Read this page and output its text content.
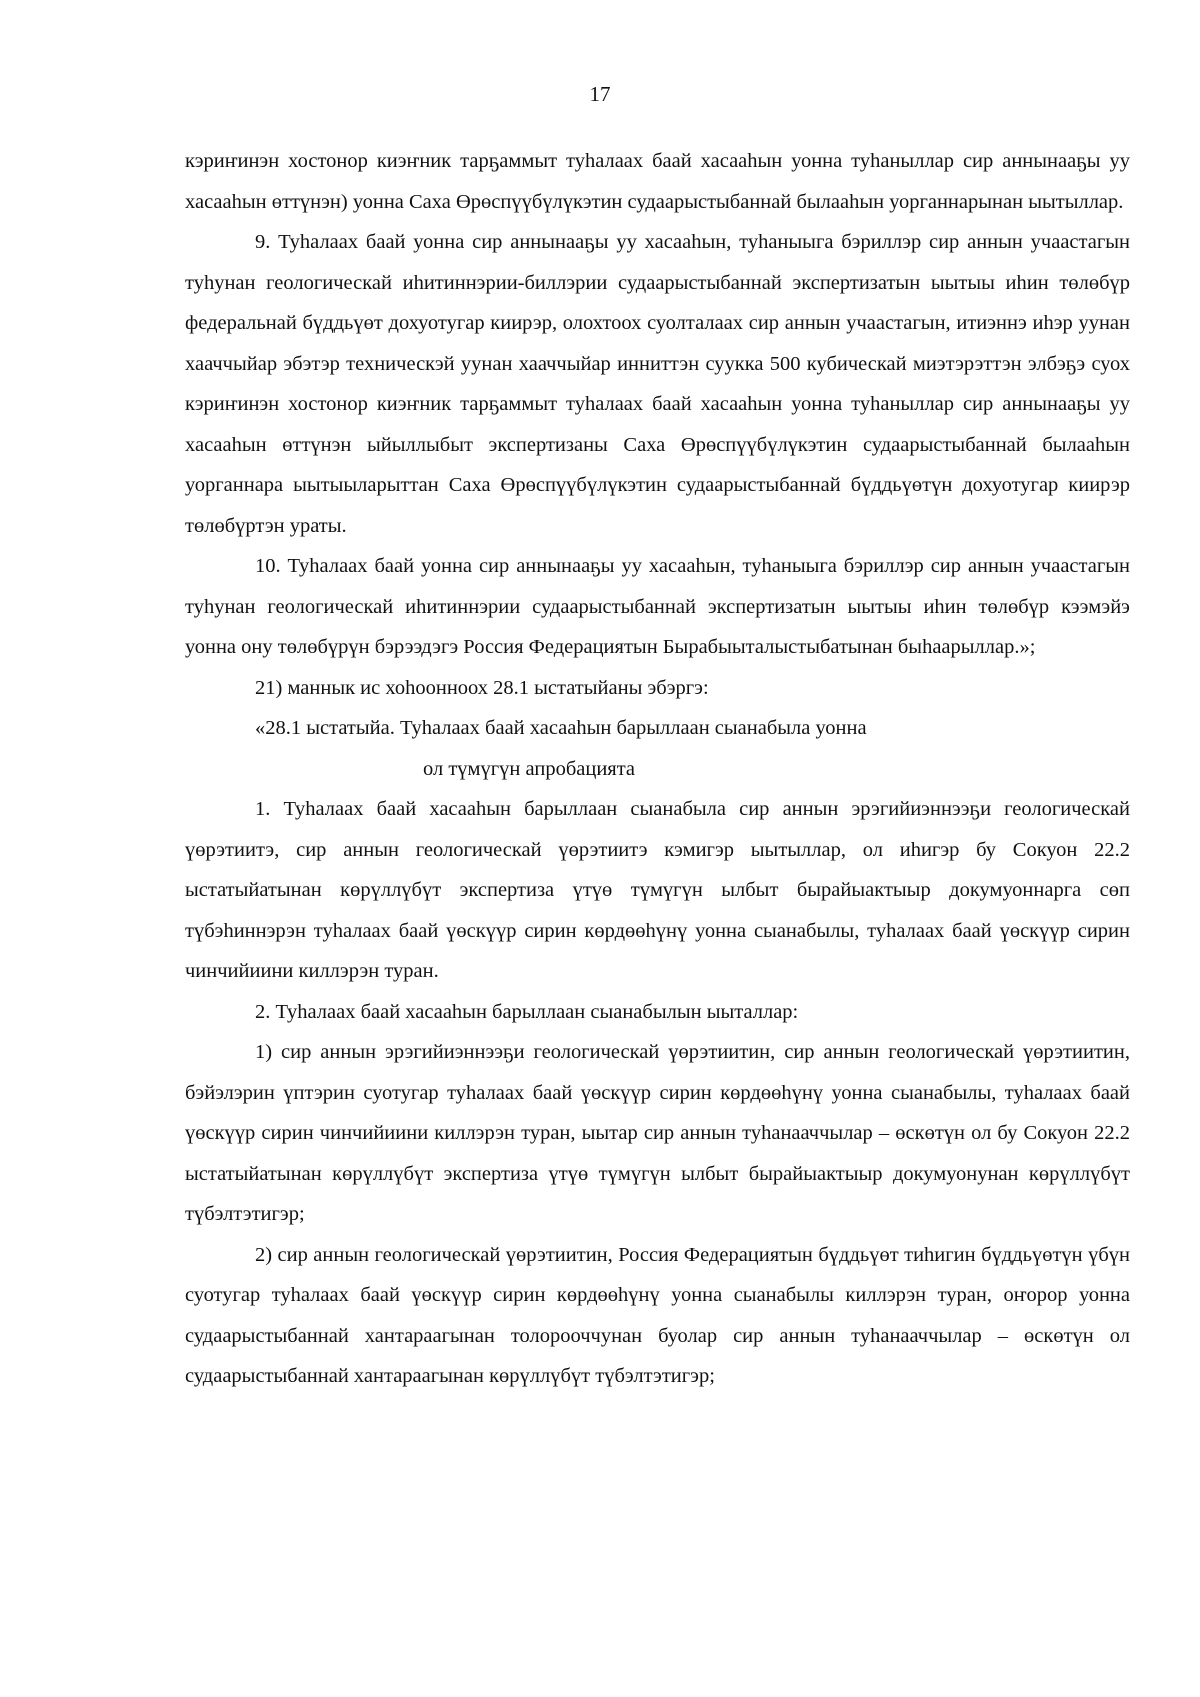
17

кэриҥинэн хостонор киэҥник тарҕаммыт туһалаах баай хасааһын уонна туһаныллар сир аннынааҕы уу хасааһын өттүнэн) уонна Саха Өрөспүүбүлүкэтин судаарыстыбаннай былааһын уорганнарынан ыытыллар.

9. Туһалаах баай уонна сир аннынааҕы уу хасааһын, туһаныыга бэриллэр сир аннын учаастагын туһунан геологическай иһитиннэрии-биллэрии судаарыстыбаннай экспертизатын ыытыы иһин төлөбүр федеральнай бүддьүөт дохуотугар киирэр, олохтоох суолталаах сир аннын учаастагын, итиэннэ иһэр уунан хааччыйар эбэтэр техническэй уунан хааччыйар инниттэн суукка 500 кубическай миэтэрэттэн элбэҕэ суох кэриҥинэн хостонор киэҥник тарҕаммыт туһалаах баай хасааһын уонна туһаныллар сир аннынааҕы уу хасааһын өттүнэн ыйыллыбыт экспертизаны Саха Өрөспүүбүлүкэтин судаарыстыбаннай былааһын уорганнара ыытыыларыттан Саха Өрөспүүбүлүкэтин судаарыстыбаннай бүддьүөтүн дохуотугар киирэр төлөбүртэн ураты.

10. Туһалаах баай уонна сир аннынааҕы уу хасааһын, туһаныыга бэриллэр сир аннын учаастагын туһунан геологическай иһитиннэрии судаарыстыбаннай экспертизатын ыытыы иһин төлөбүр кээмэйэ уонна ону төлөбүрүн бэрээдэгэ Россия Федерациятын Бырабыыталыстыбатынан быһаарыллар.»;

21) маннык ис хоһоонноох 28.1 ыстатыйаны эбэргэ:

«28.1 ыстатыйа. Туһалаах баай хасааһын барыллаан сыанабыла уонна

ол түмүгүн апробацията

1. Туһалаах баай хасааһын барыллаан сыанабыла сир аннын эрэгийиэннээҕи геологическай үөрэтиитэ, сир аннын геологическай үөрэтиитэ кэмигэр ыытыллар, ол иһигэр бу Сокуон 22.2 ыстатыйатынан көрүллүбүт экспертиза үтүө түмүгүн ылбыт бырайыактыыр докумуоннарга сөп түбэһиннэрэн туһалаах баай үөскүүр сирин көрдөөһүнү уонна сыанабылы, туһалаах баай үөскүүр сирин чинчийиини киллэрэн туран.

2. Туһалаах баай хасааһын барыллаан сыанабылын ыыталлар:

1) сир аннын эрэгийиэннээҕи геологическай үөрэтиитин, сир аннын геологическай үөрэтиитин, бэйэлэрин үптэрин суотугар туһалаах баай үөскүүр сирин көрдөөһүнү уонна сыанабылы, туһалаах баай үөскүүр сирин чинчийиини киллэрэн туран, ыытар сир аннын туһанааччылар – өскөтүн ол бу Сокуон 22.2 ыстатыйатынан көрүллүбүт экспертиза үтүө түмүгүн ылбыт бырайыактыыр докумуонунан көрүллүбүт түбэлтэтигэр;

2) сир аннын геологическай үөрэтиитин, Россия Федерациятын бүддьүөт тиһигин бүддьүөтүн үбүн суотугар туһалаах баай үөскүүр сирин көрдөөһүнү уонна сыанабылы киллэрэн туран, оҥорор уонна судаарыстыбаннай хантараагынан толорооччунан буолар сир аннын туһанааччылар – өскөтүн ол судаарыстыбаннай хантараагынан көрүллүбүт түбэлтэтигэр;
